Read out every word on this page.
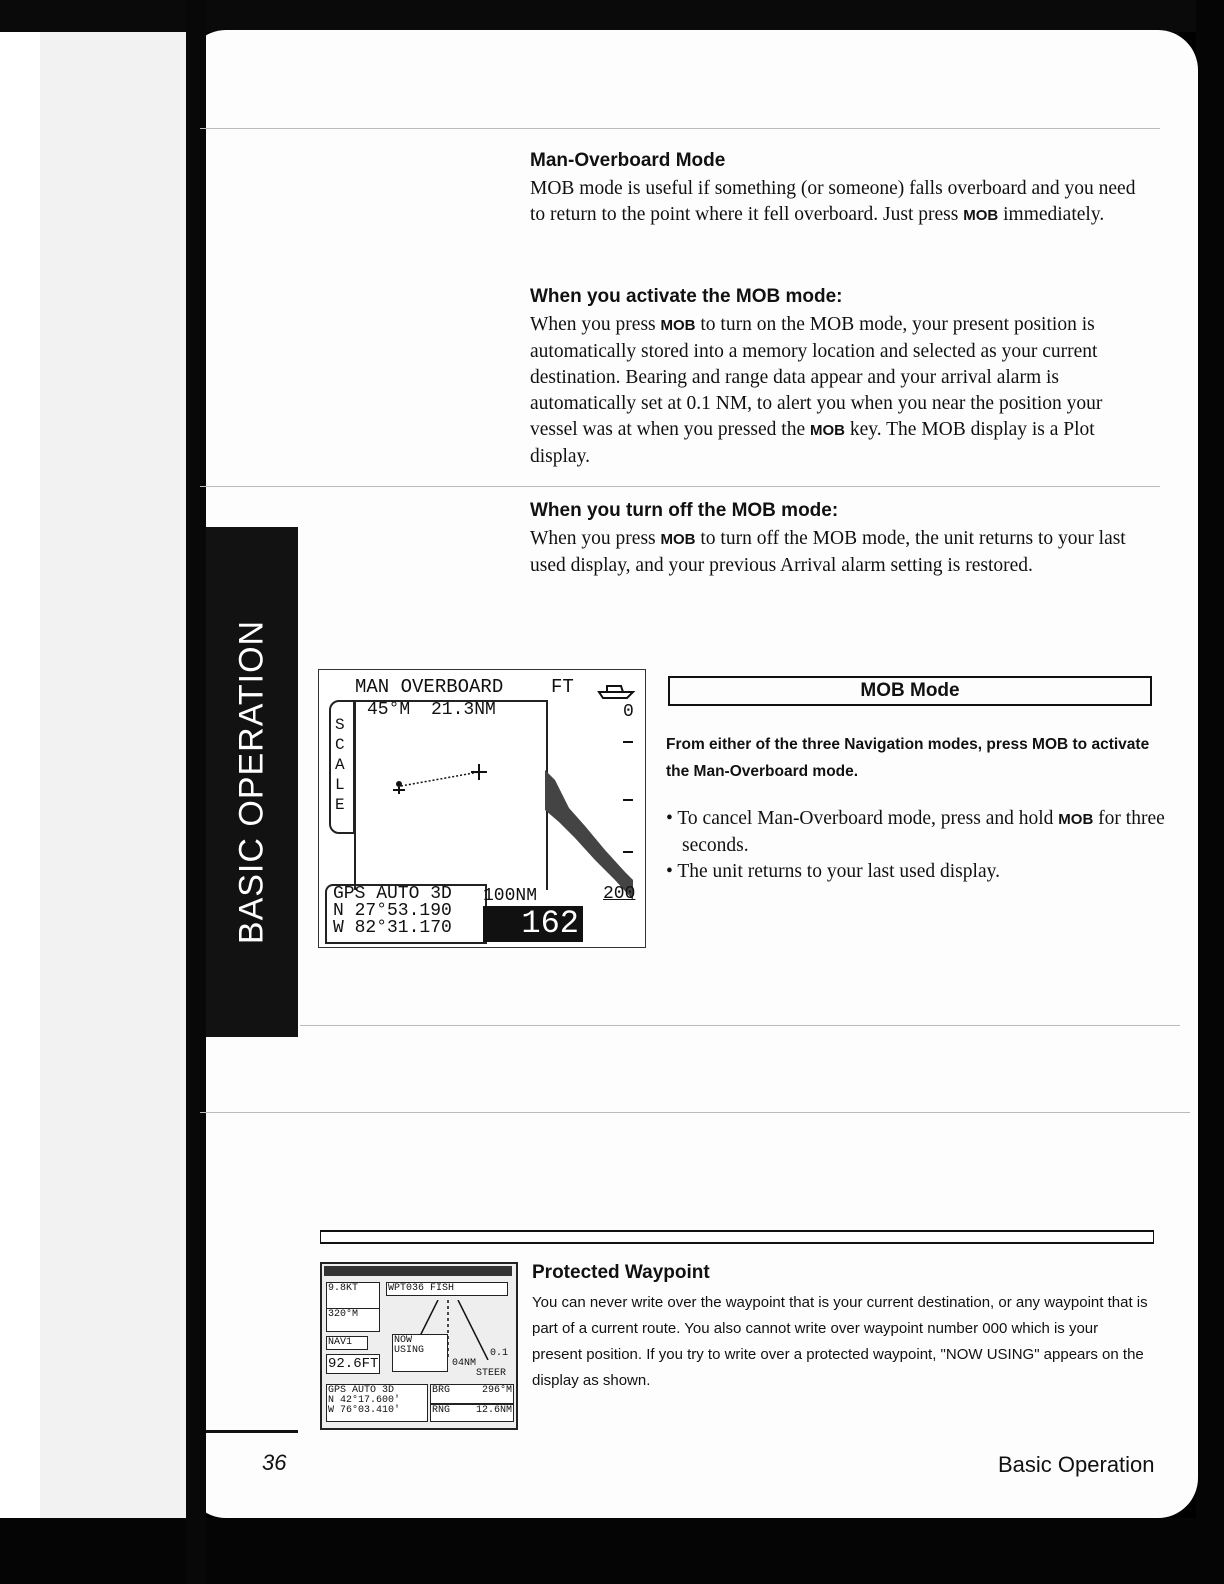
BASIC OPERATION
Man-Overboard Mode

MOB mode is useful if something (or someone) falls overboard and you need to return to the point where it fell overboard. Just press MOB immediately.

When you activate the MOB mode:

When you press MOB to turn on the MOB mode, your present position is automatically stored into a memory location and selected as your current destination. Bearing and range data appear and your arrival alarm is automatically set at 0.1 NM, to alert you when you near the position your vessel was at when you pressed the MOB key. The MOB display is a Plot display.

When you turn off the MOB mode:

When you press MOB to turn off the MOB mode, the unit returns to your last used display, and your previous Arrival alarm setting is restored.

MAN OVERBOARD	FT
0
45°M 21.3NM
S
C
A
L
E
GPS AUTO 3D
N 27°53.190
W 82°31.170
100NM	200
162
MOB Mode
From either of the three Navigation modes, press MOB to activate the Man-Overboard mode.
• To cancel Man-Overboard mode, press and hold MOB for three seconds.
• The unit returns to your last used display.
WPT036 FISH
9.8KT
320°M
NAV1
92.6FT
NOW
USING	0.1
04NM
STEER
GPS AUTO 3D
N 42°17.600'
W 76°03.410'
BRG	296°M
RNG	12.6NM
Protected Waypoint

You can never write over the waypoint that is your current destination, or any waypoint that is part of a current route. You also cannot write over waypoint number 000 which is your present position. If you try to write over a protected waypoint, "NOW USING" appears on the display as shown.

36	Basic Operation
